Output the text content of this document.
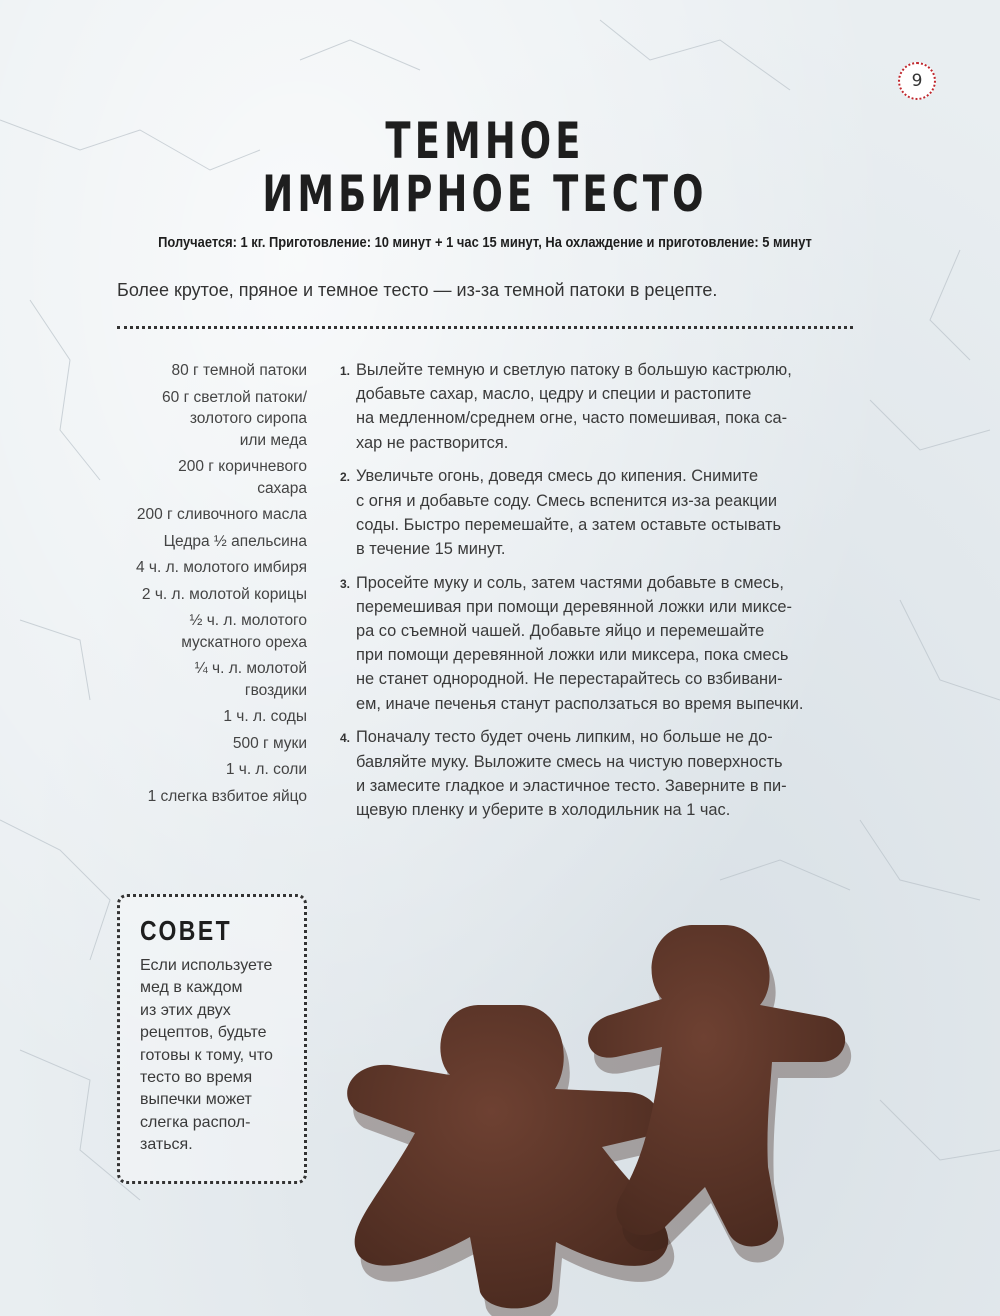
9
ТЕМНОЕ
ИМБИРНОЕ ТЕСТО
Получается: 1 кг. Приготовление: 10 минут + 1 час 15 минут, На охлаждение и приготовление: 5 минут
Более крутое, пряное и темное тесто — из-за темной патоки в рецепте.
80 г темной патоки
60 г светлой патоки/
золотого сиропа
или меда
200 г коричневого
сахара
200 г сливочного масла
Цедра ½ апельсина
4 ч. л. молотого имбиря
2 ч. л. молотой корицы
½ ч. л. молотого
мускатного ореха
¼ ч. л. молотой
гвоздики
1 ч. л. соды
500 г муки
1 ч. л. соли
1 слегка взбитое яйцо
1. Вылейте темную и светлую патоку в большую кастрюлю,
добавьте сахар, масло, цедру и специи и растопите
на медленном/среднем огне, часто помешивая, пока са-
хар не растворится.
2. Увеличьте огонь, доведя смесь до кипения. Снимите
с огня и добавьте соду. Смесь вспенится из-за реакции
соды. Быстро перемешайте, а затем оставьте остывать
в течение 15 минут.
3. Просейте муку и соль, затем частями добавьте в смесь,
перемешивая при помощи деревянной ложки или миксе-
ра со съемной чашей. Добавьте яйцо и перемешайте
при помощи деревянной ложки или миксера, пока смесь
не станет однородной. Не перестарайтесь со взбивани-
ем, иначе печенья станут расползаться во время выпечки.
4. Поначалу тесто будет очень липким, но больше не до-
бавляйте муку. Выложите смесь на чистую поверхность
и замесите гладкое и эластичное тесто. Заверните в пи-
щевую пленку и уберите в холодильник на 1 час.
СОВЕТ
Если используете
мед в каждом
из этих двух
рецептов, будьте
готовы к тому, что
тесто во время
выпечки может
слегка распол-
заться.
